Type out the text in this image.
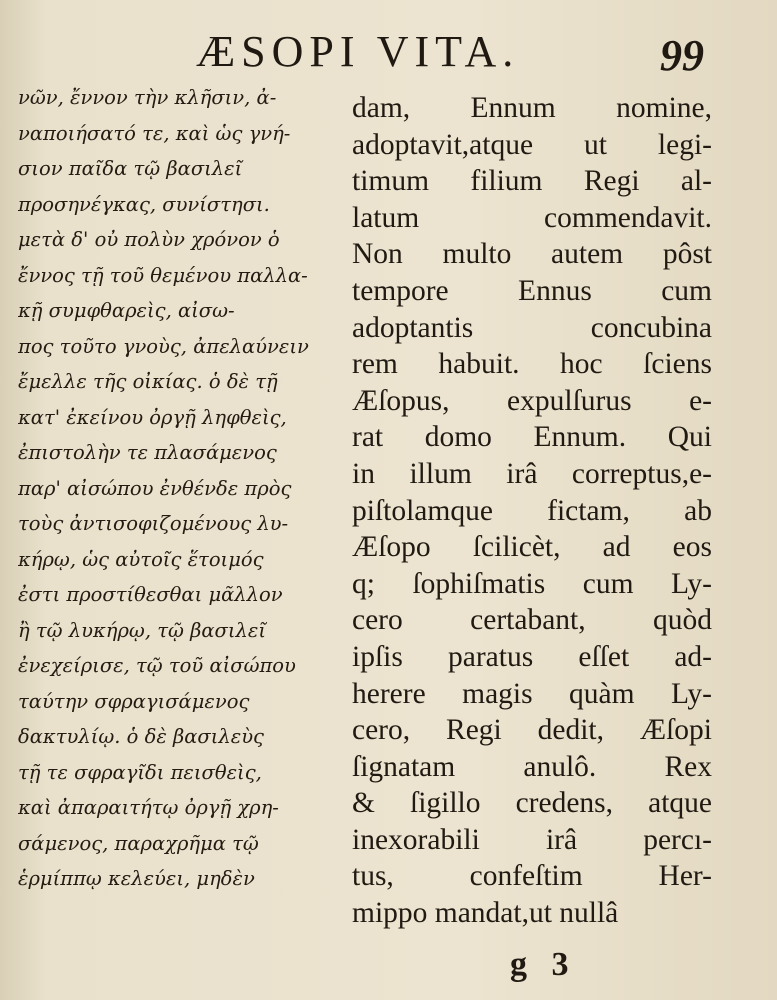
ÆSOPI VITA.	99
νῶν, ἔννον τὴν κλῆσιν, ἀ-
ναποιήσατό τε, καὶ ὡς γνή-
σιον παῖδα τῷ βασιλεῖ
προσηνέγκας, συνίστησι.
μετὰ δ' οὐ πολὺν χρόνον ὁ
ἔννος τῇ τοῦ θεμένου παλλα-
κῇ συμφθαρεὶς, αἰσω-
πος τοῦτο γνοὺς, ἀπελαύνειν
ἔμελλε τῆς οἰκίας. ὁ δὲ τῇ
κατ' ἐκείνου ὀργῇ ληφθεὶς,
ἐπιστολὴν τε πλασάμενος
παρ' αἰσώπου ἐνθένδε πρὸς
τοὺς ἀντισοφιζομένους λυ-
κήρῳ, ὡς αὐτοῖς ἕτοιμός
ἐστι προστίθεσθαι μᾶλλον
ἢ τῷ λυκήρῳ, τῷ βασιλεῖ
ἐνεχείρισε, τῷ τοῦ αἰσώπου
ταύτην σφραγισάμενος
δακτυλίῳ. ὁ δὲ βασιλεὺς
τῇ τε σφραγῖδι πεισθεὶς,
καὶ ἀπαραιτήτῳ ὀργῇ χρη-
σάμενος, παραχρῆμα τῷ
ἑρμίππῳ κελεύει, μηδὲν
dam, Ennum nomine,
adoptavit,atque ut legi-
timum filium Regi al-
latum commendavit.
Non multo autem pôst
tempore Ennus cum
adoptantis concubina
rem habuit. hoc ſciens
Æſopus, expulſurus e-
rat domo Ennum. Qui
in illum irâ correptus,e-
piſtolamque fictam, ab
Æſopo ſcilicèt, ad eos
q; ſophiſmatis cum Ly-
cero certabant, quòd
ipſis paratus eſſet ad-
herere magis quàm Ly-
cero, Regi dedit, Æſopi
ſignatam anulô. Rex
& ſigillo credens, atque
inexorabili irâ percı-
tus, confeſtim Her-
mippo mandat,ut nullâ
g 3
